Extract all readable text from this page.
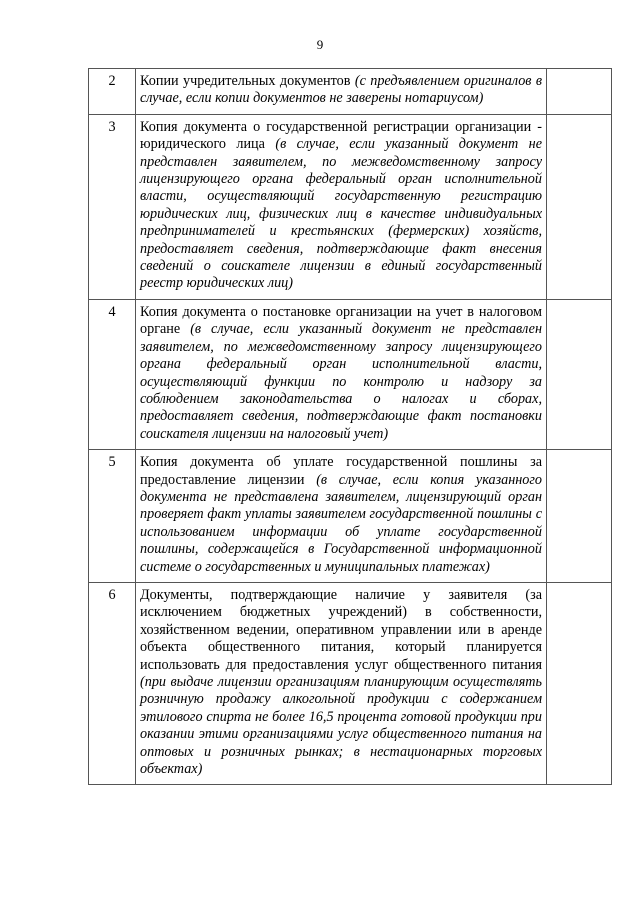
9
2	Копии учредительных документов (с предъявлением оригиналов в случае, если копии документов не заверены нотариусом)	
3	Копия документа о государственной регистрации организации - юридического лица (в случае, если указанный документ не представлен заявителем, по межведомственному запросу лицензирующего органа федеральный орган исполнительной власти, осуществляющий государственную регистрацию юридических лиц, физических лиц в качестве индивидуальных предпринимателей и крестьянских (фермерских) хозяйств, предоставляет сведения, подтверждающие факт внесения сведений о соискателе лицензии в единый государственный реестр юридических лиц)	
4	Копия документа о постановке организации на учет в налоговом органе (в случае, если указанный документ не представлен заявителем, по межведомственному запросу лицензирующего органа федеральный орган исполнительной власти, осуществляющий функции по контролю и надзору за соблюдением законодательства о налогах и сборах, предоставляет сведения, подтверждающие факт постановки соискателя лицензии на налоговый учет)	
5	Копия документа об уплате государственной пошлины за предоставление лицензии (в случае, если копия указанного документа не представлена заявителем, лицензирующий орган проверяет факт уплаты заявителем государственной пошлины с использованием информации об уплате государственной пошлины, содержащейся в Государственной информационной системе о государственных и муниципальных платежах)	
6	Документы, подтверждающие наличие у заявителя (за исключением бюджетных учреждений) в собственности, хозяйственном ведении, оперативном управлении или в аренде объекта общественного питания, который планируется использовать для предоставления услуг общественного питания (при выдаче лицензии организациям планирующим осуществлять розничную продажу алкогольной продукции с содержанием этилового спирта не более 16,5 процента готовой продукции при оказании этими организациями услуг общественного питания на оптовых и розничных рынках; в нестационарных торговых объектах)	
